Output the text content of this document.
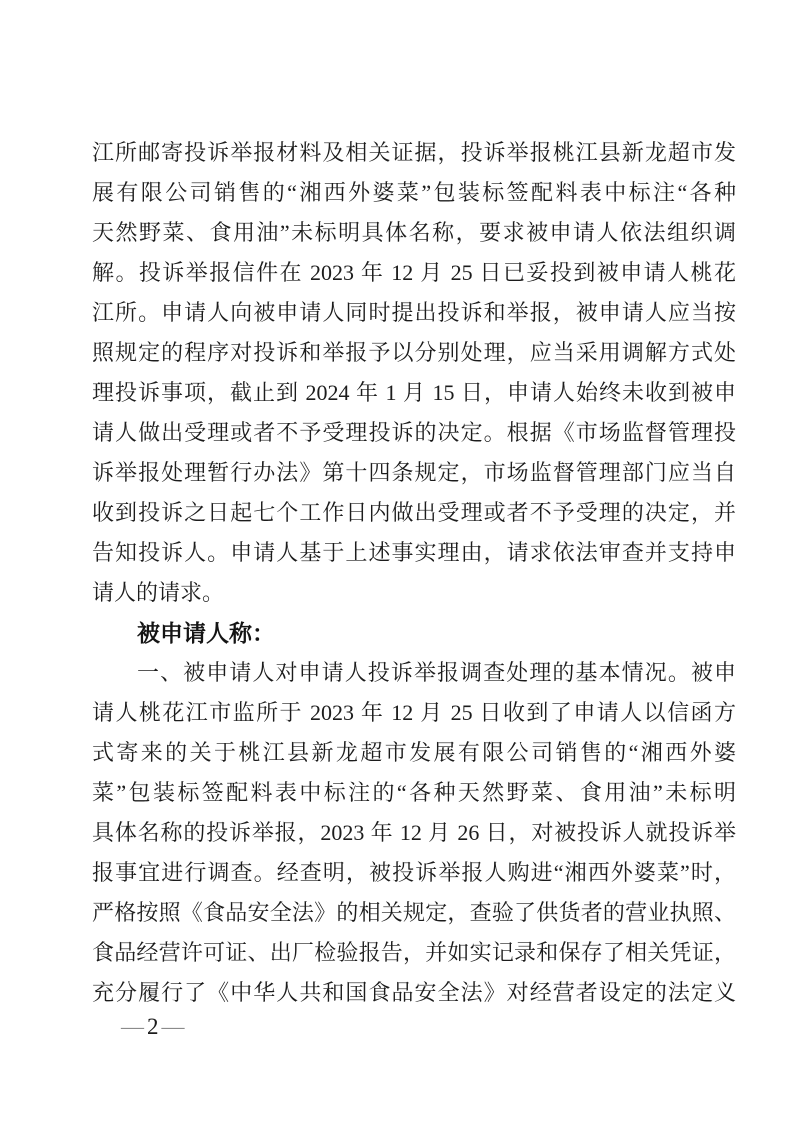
江所邮寄投诉举报材料及相关证据，投诉举报桃江县新龙超市发
展有限公司销售的“湘西外婆菜”包装标签配料表中标注“各种
天然野菜、食用油”未标明具体名称，要求被申请人依法组织调
解。投诉举报信件在 2023 年 12 月 25 日已妥投到被申请人桃花
江所。申请人向被申请人同时提出投诉和举报，被申请人应当按
照规定的程序对投诉和举报予以分别处理，应当采用调解方式处
理投诉事项，截止到 2024 年 1 月 15 日，申请人始终未收到被申
请人做出受理或者不予受理投诉的决定。根据《市场监督管理投
诉举报处理暂行办法》第十四条规定，市场监督管理部门应当自
收到投诉之日起七个工作日内做出受理或者不予受理的决定，并
告知投诉人。申请人基于上述事实理由，请求依法审查并支持申
请人的请求。
被申请人称：
一、被申请人对申请人投诉举报调查处理的基本情况。被申
请人桃花江市监所于 2023 年 12 月 25 日收到了申请人以信函方
式寄来的关于桃江县新龙超市发展有限公司销售的“湘西外婆
菜”包装标签配料表中标注的“各种天然野菜、食用油”未标明
具体名称的投诉举报，2023 年 12 月 26 日，对被投诉人就投诉举
报事宜进行调查。经查明，被投诉举报人购进“湘西外婆菜”时，
严格按照《食品安全法》的相关规定，查验了供货者的营业执照、
食品经营许可证、出厂检验报告，并如实记录和保存了相关凭证，
充分履行了《中华人共和国食品安全法》对经营者设定的法定义
— 2 —
